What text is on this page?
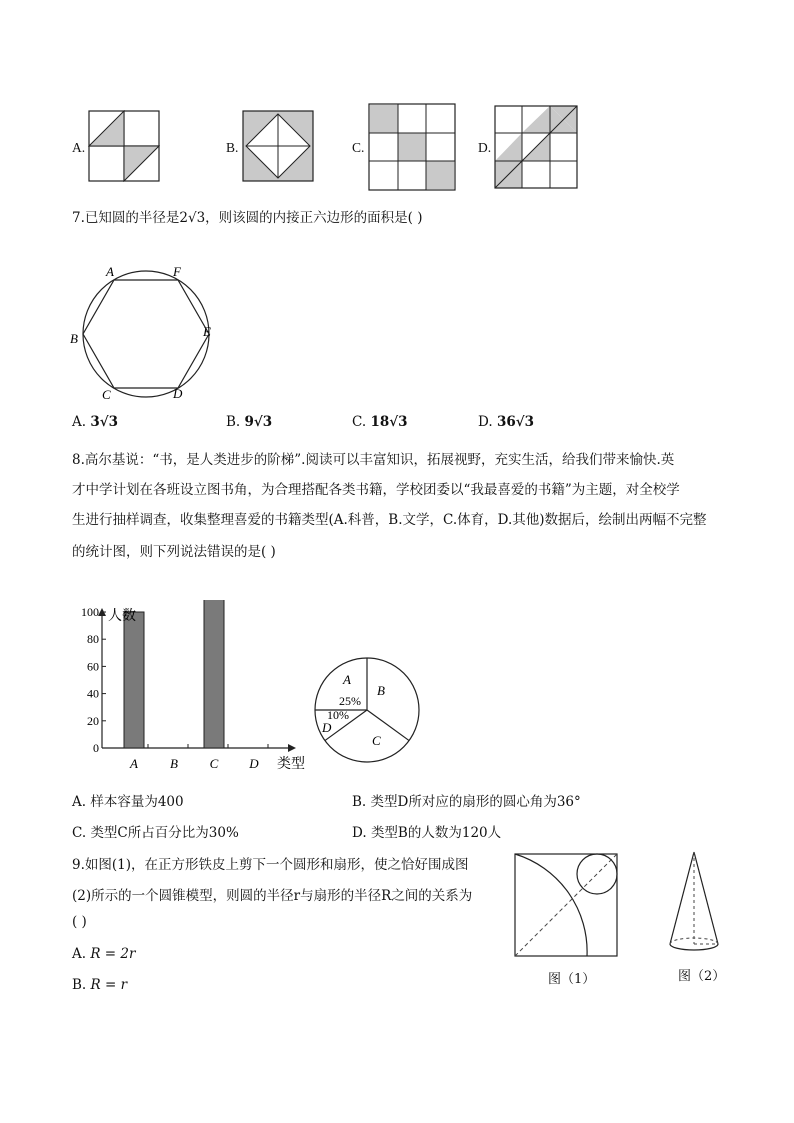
A.	B.	C.	D.
7.已知圆的半径是2√3，则该圆的内接正六边形的面积是( )
A	F
E
D
C
B
A. 3√3	B. 9√3	C. 18√3	D. 36√3
8.高尔基说：“书，是人类进步的阶梯”.阅读可以丰富知识，拓展视野，充实生活，给我们带来愉快.英
才中学计划在各班设立图书角，为合理搭配各类书籍，学校团委以“我最喜爱的书籍”为主题，对全校学
生进行抽样调查，收集整理喜爱的书籍类型(A.科普，B.文学，C.体育，D.其他)数据后，绘制出两幅不完整
的统计图，则下列说法错误的是( )
0
20
40
60
80
100
A B C D
人数
类型
A
25%
B
C
10%
D
A. 样本容量为400	B. 类型D所对应的扇形的圆心角为36°
C. 类型C所占百分比为30%	D. 类型B的人数为120人
9.如图(1)，在正方形铁皮上剪下一个圆形和扇形，使之恰好围成图
(2)所示的一个圆锥模型，则圆的半径r与扇形的半径R之间的关系为
( )
A. R = 2r
B. R = r	图（1）	图（2）
